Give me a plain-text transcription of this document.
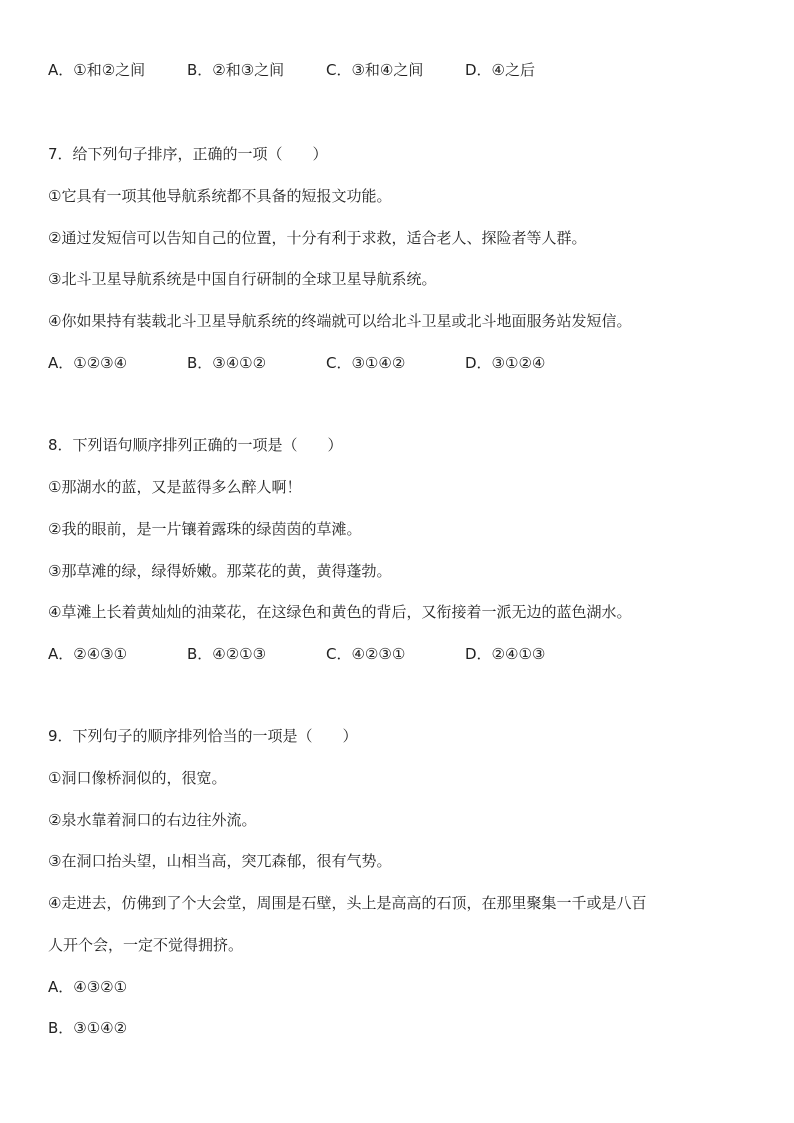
A．①和②之间	B．②和③之间	C．③和④之间	D．④之后
7．给下列句子排序，正确的一项（　　）
①它具有一项其他导航系统都不具备的短报文功能。
②通过发短信可以告知自己的位置，十分有利于求救，适合老人、探险者等人群。
③北斗卫星导航系统是中国自行研制的全球卫星导航系统。
④你如果持有装载北斗卫星导航系统的终端就可以给北斗卫星或北斗地面服务站发短信。
A．①②③④	B．③④①②	C．③①④②	D．③①②④
8．下列语句顺序排列正确的一项是（　　）
①那湖水的蓝，又是蓝得多么醉人啊！
②我的眼前，是一片镶着露珠的绿茵茵的草滩。
③那草滩的绿，绿得娇嫩。那菜花的黄，黄得蓬勃。
④草滩上长着黄灿灿的油菜花，在这绿色和黄色的背后，又衔接着一派无边的蓝色湖水。
A．②④③①	B．④②①③	C．④②③①	D．②④①③
9．下列句子的顺序排列恰当的一项是（　　）
①洞口像桥洞似的，很宽。
②泉水靠着洞口的右边往外流。
③在洞口抬头望，山相当高，突兀森郁，很有气势。
④走进去，仿佛到了个大会堂，周围是石壁，头上是高高的石顶，在那里聚集一千或是八百
人开个会，一定不觉得拥挤。
A．④③②①
B．③①④②
